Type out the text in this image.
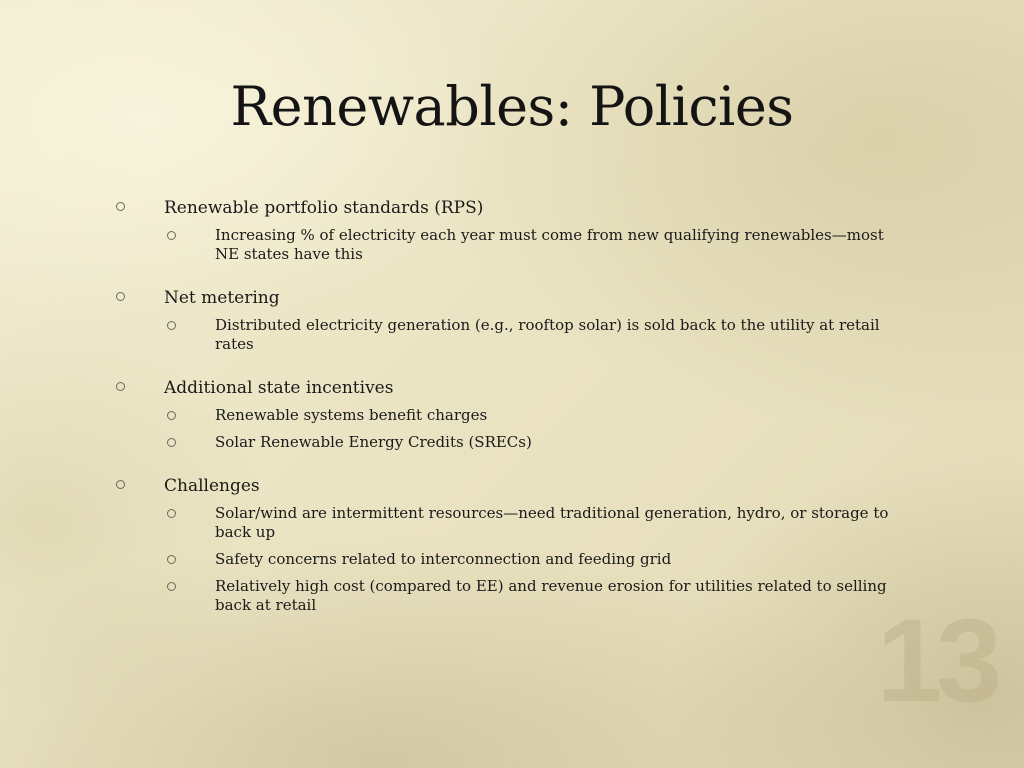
Renewables: Policies
Renewable portfolio standards (RPS)
Increasing % of electricity each year must come from new qualifying renewables—most NE states have this
Net metering
Distributed electricity generation (e.g., rooftop solar) is sold back to the utility at retail rates
Additional state incentives
Renewable systems benefit charges
Solar Renewable Energy Credits (SRECs)
Challenges
Solar/wind are intermittent resources—need traditional generation, hydro, or storage to back up
Safety concerns related to interconnection and feeding grid
Relatively high cost (compared to EE) and revenue erosion for utilities related to selling back at retail	13
